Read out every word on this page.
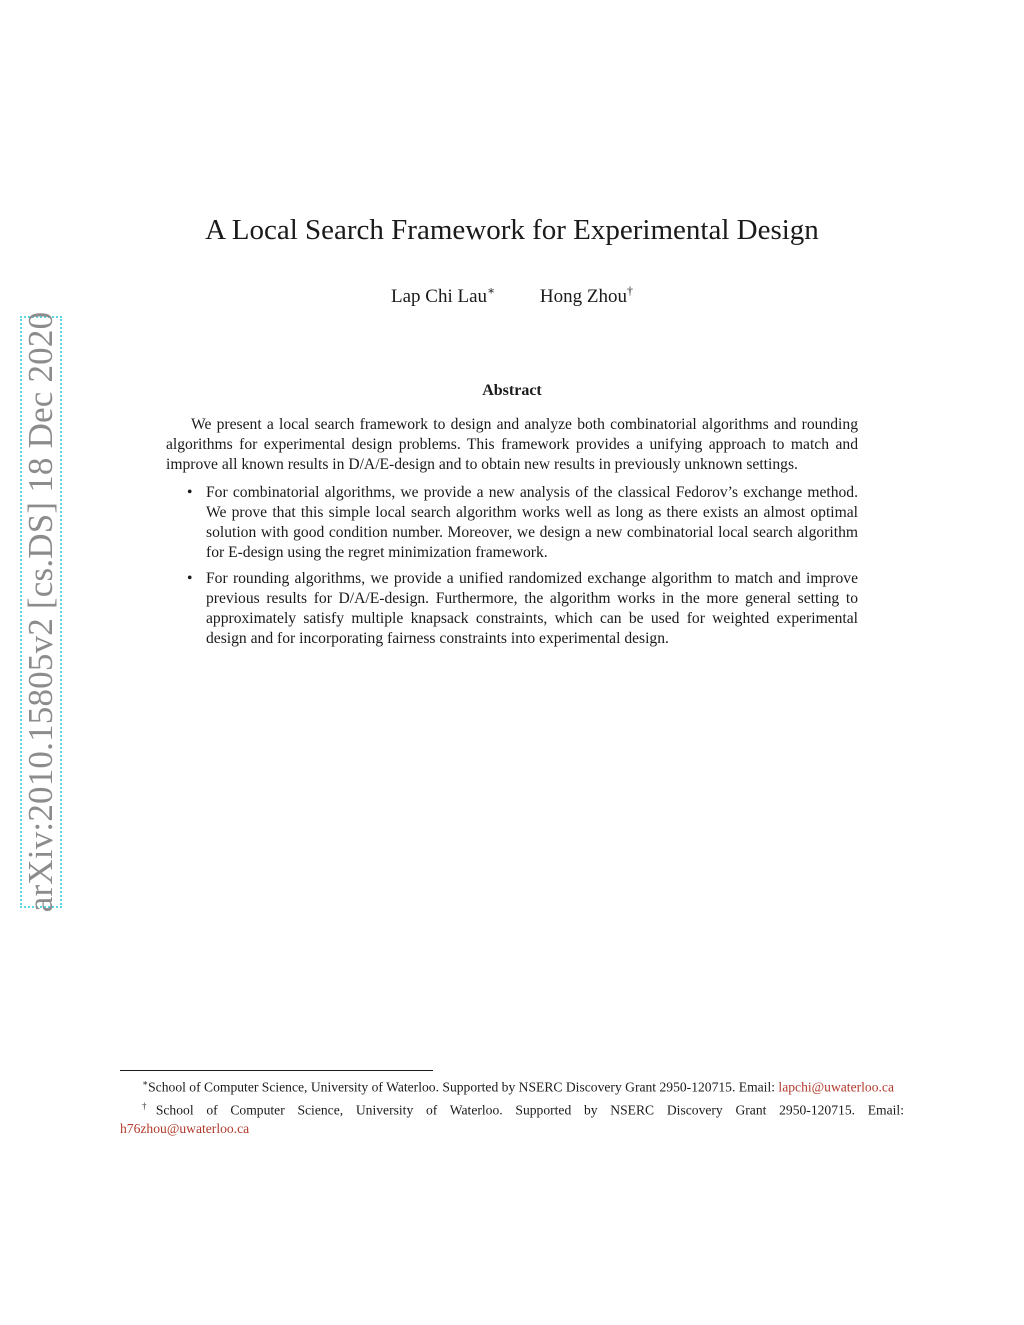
arXiv:2010.15805v2 [cs.DS] 18 Dec 2020
A Local Search Framework for Experimental Design
Lap Chi Lau∗ Hong Zhou†
Abstract

We present a local search framework to design and analyze both combinatorial algorithms and rounding algorithms for experimental design problems. This framework provides a unifying approach to match and improve all known results in D/A/E-design and to obtain new results in previously unknown settings.

• For combinatorial algorithms, we provide a new analysis of the classical Fedorov’s exchange method. We prove that this simple local search algorithm works well as long as there exists an almost optimal solution with good condition number. Moreover, we design a new combinatorial local search algorithm for E-design using the regret minimization framework.
• For rounding algorithms, we provide a unified randomized exchange algorithm to match and improve previous results for D/A/E-design. Furthermore, the algorithm works in the more general setting to approximately satisfy multiple knapsack constraints, which can be used for weighted experimental design and for incorporating fairness constraints into experimental design.

∗School of Computer Science, University of Waterloo. Supported by NSERC Discovery Grant 2950-120715. Email: lapchi@uwaterloo.ca

†School of Computer Science, University of Waterloo. Supported by NSERC Discovery Grant 2950-120715. Email: h76zhou@uwaterloo.ca
